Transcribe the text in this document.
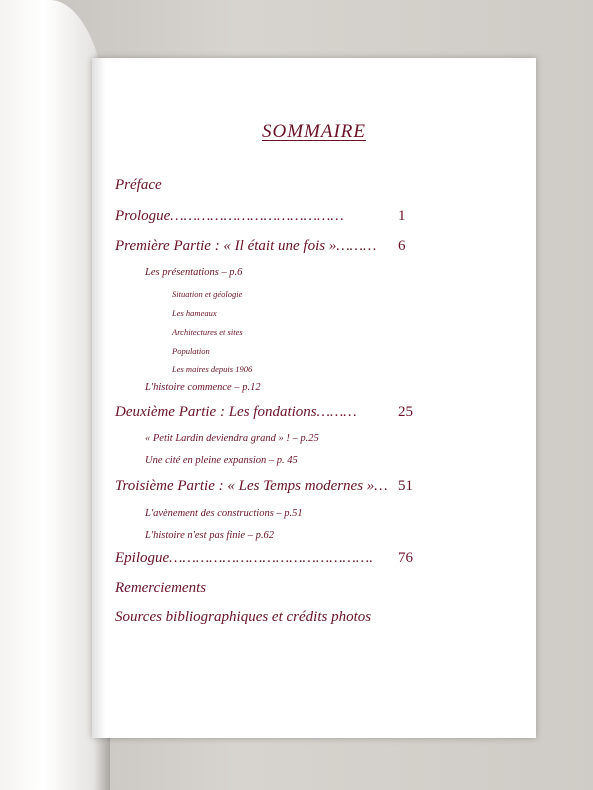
SOMMAIRE
Préface
Prologue…………………………………	1
Première Partie : « Il était une fois »……… 6
Les présentations – p.6
Situation et géologie
Les hameaux
Architectures et sites
Population
Les maires depuis 1906
L'histoire commence – p.12
Deuxième Partie : Les fondations………	25
« Petit Lardin deviendra grand » ! – p.25
Une cité en pleine expansion – p. 45
Troisième Partie : « Les Temps modernes »… 51
L'avènement des constructions – p.51
L'histoire n'est pas finie – p.62
Epilogue………………………………………. 76
Remerciements
Sources bibliographiques et crédits photos
